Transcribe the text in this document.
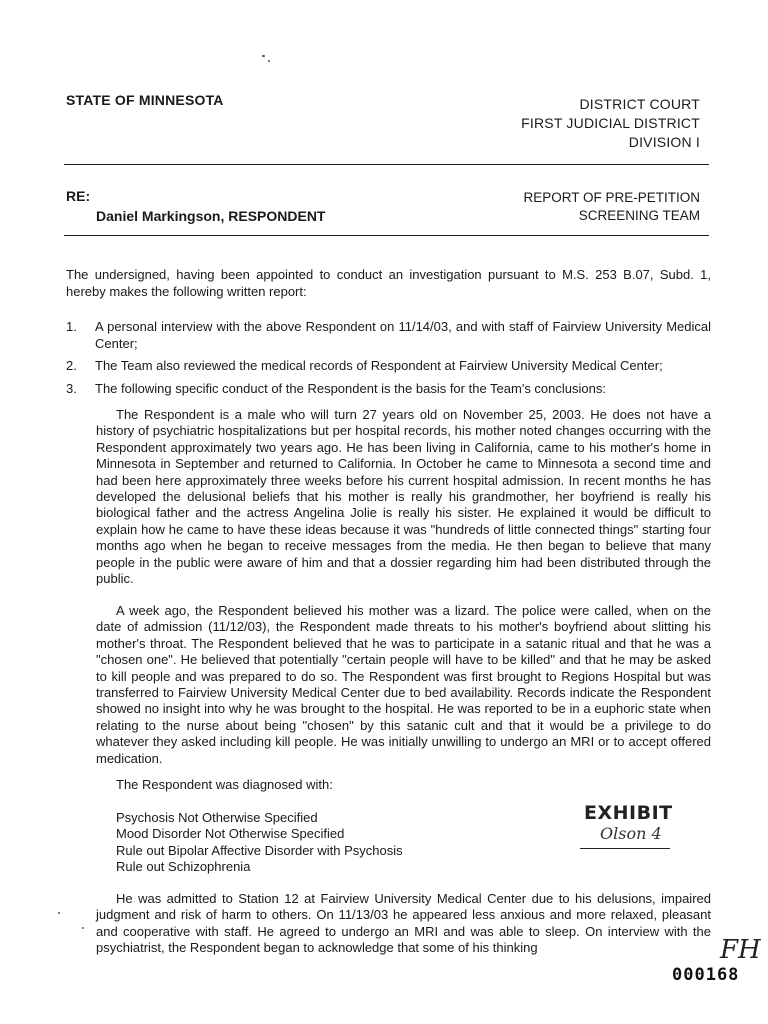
STATE OF MINNESOTA	DISTRICT COURT
FIRST JUDICIAL DISTRICT
DIVISION I
RE:
Daniel Markingson, RESPONDENT
REPORT OF PRE-PETITION
SCREENING TEAM
The undersigned, having been appointed to conduct an investigation pursuant to M.S. 253 B.07, Subd. 1, hereby makes the following written report:
1. A personal interview with the above Respondent on 11/14/03, and with staff of Fairview University Medical Center;
2. The Team also reviewed the medical records of Respondent at Fairview University Medical Center;
3. The following specific conduct of the Respondent is the basis for the Team's conclusions:

The Respondent is a male who will turn 27 years old on November 25, 2003. He does not have a history of psychiatric hospitalizations but per hospital records, his mother noted changes occurring with the Respondent approximately two years ago. He has been living in California, came to his mother's home in Minnesota in September and returned to California. In October he came to Minnesota a second time and had been here approximately three weeks before his current hospital admission. In recent months he has developed the delusional beliefs that his mother is really his grandmother, her boyfriend is really his biological father and the actress Angelina Jolie is really his sister. He explained it would be difficult to explain how he came to have these ideas because it was "hundreds of little connected things" starting four months ago when he began to receive messages from the media. He then began to believe that many people in the public were aware of him and that a dossier regarding him had been distributed through the public.

A week ago, the Respondent believed his mother was a lizard. The police were called, when on the date of admission (11/12/03), the Respondent made threats to his mother's boyfriend about slitting his mother's throat. The Respondent believed that he was to participate in a satanic ritual and that he was a "chosen one". He believed that potentially "certain people will have to be killed" and that he may be asked to kill people and was prepared to do so. The Respondent was first brought to Regions Hospital but was transferred to Fairview University Medical Center due to bed availability. Records indicate the Respondent showed no insight into why he was brought to the hospital. He was reported to be in a euphoric state when relating to the nurse about being "chosen" by this satanic cult and that it would be a privilege to do whatever they asked including kill people. He was initially unwilling to undergo an MRI or to accept offered medication.

The Respondent was diagnosed with:
Psychosis Not Otherwise Specified
Mood Disorder Not Otherwise Specified
Rule out Bipolar Affective Disorder with Psychosis
Rule out Schizophrenia
EXHIBIT
Olson 4

He was admitted to Station 12 at Fairview University Medical Center due to his delusions, impaired judgment and risk of harm to others. On 11/13/03 he appeared less anxious and more relaxed, pleasant and cooperative with staff. He agreed to undergo an MRI and was able to sleep. On interview with the psychiatrist, the Respondent began to acknowledge that some of his thinking	FH
000168
